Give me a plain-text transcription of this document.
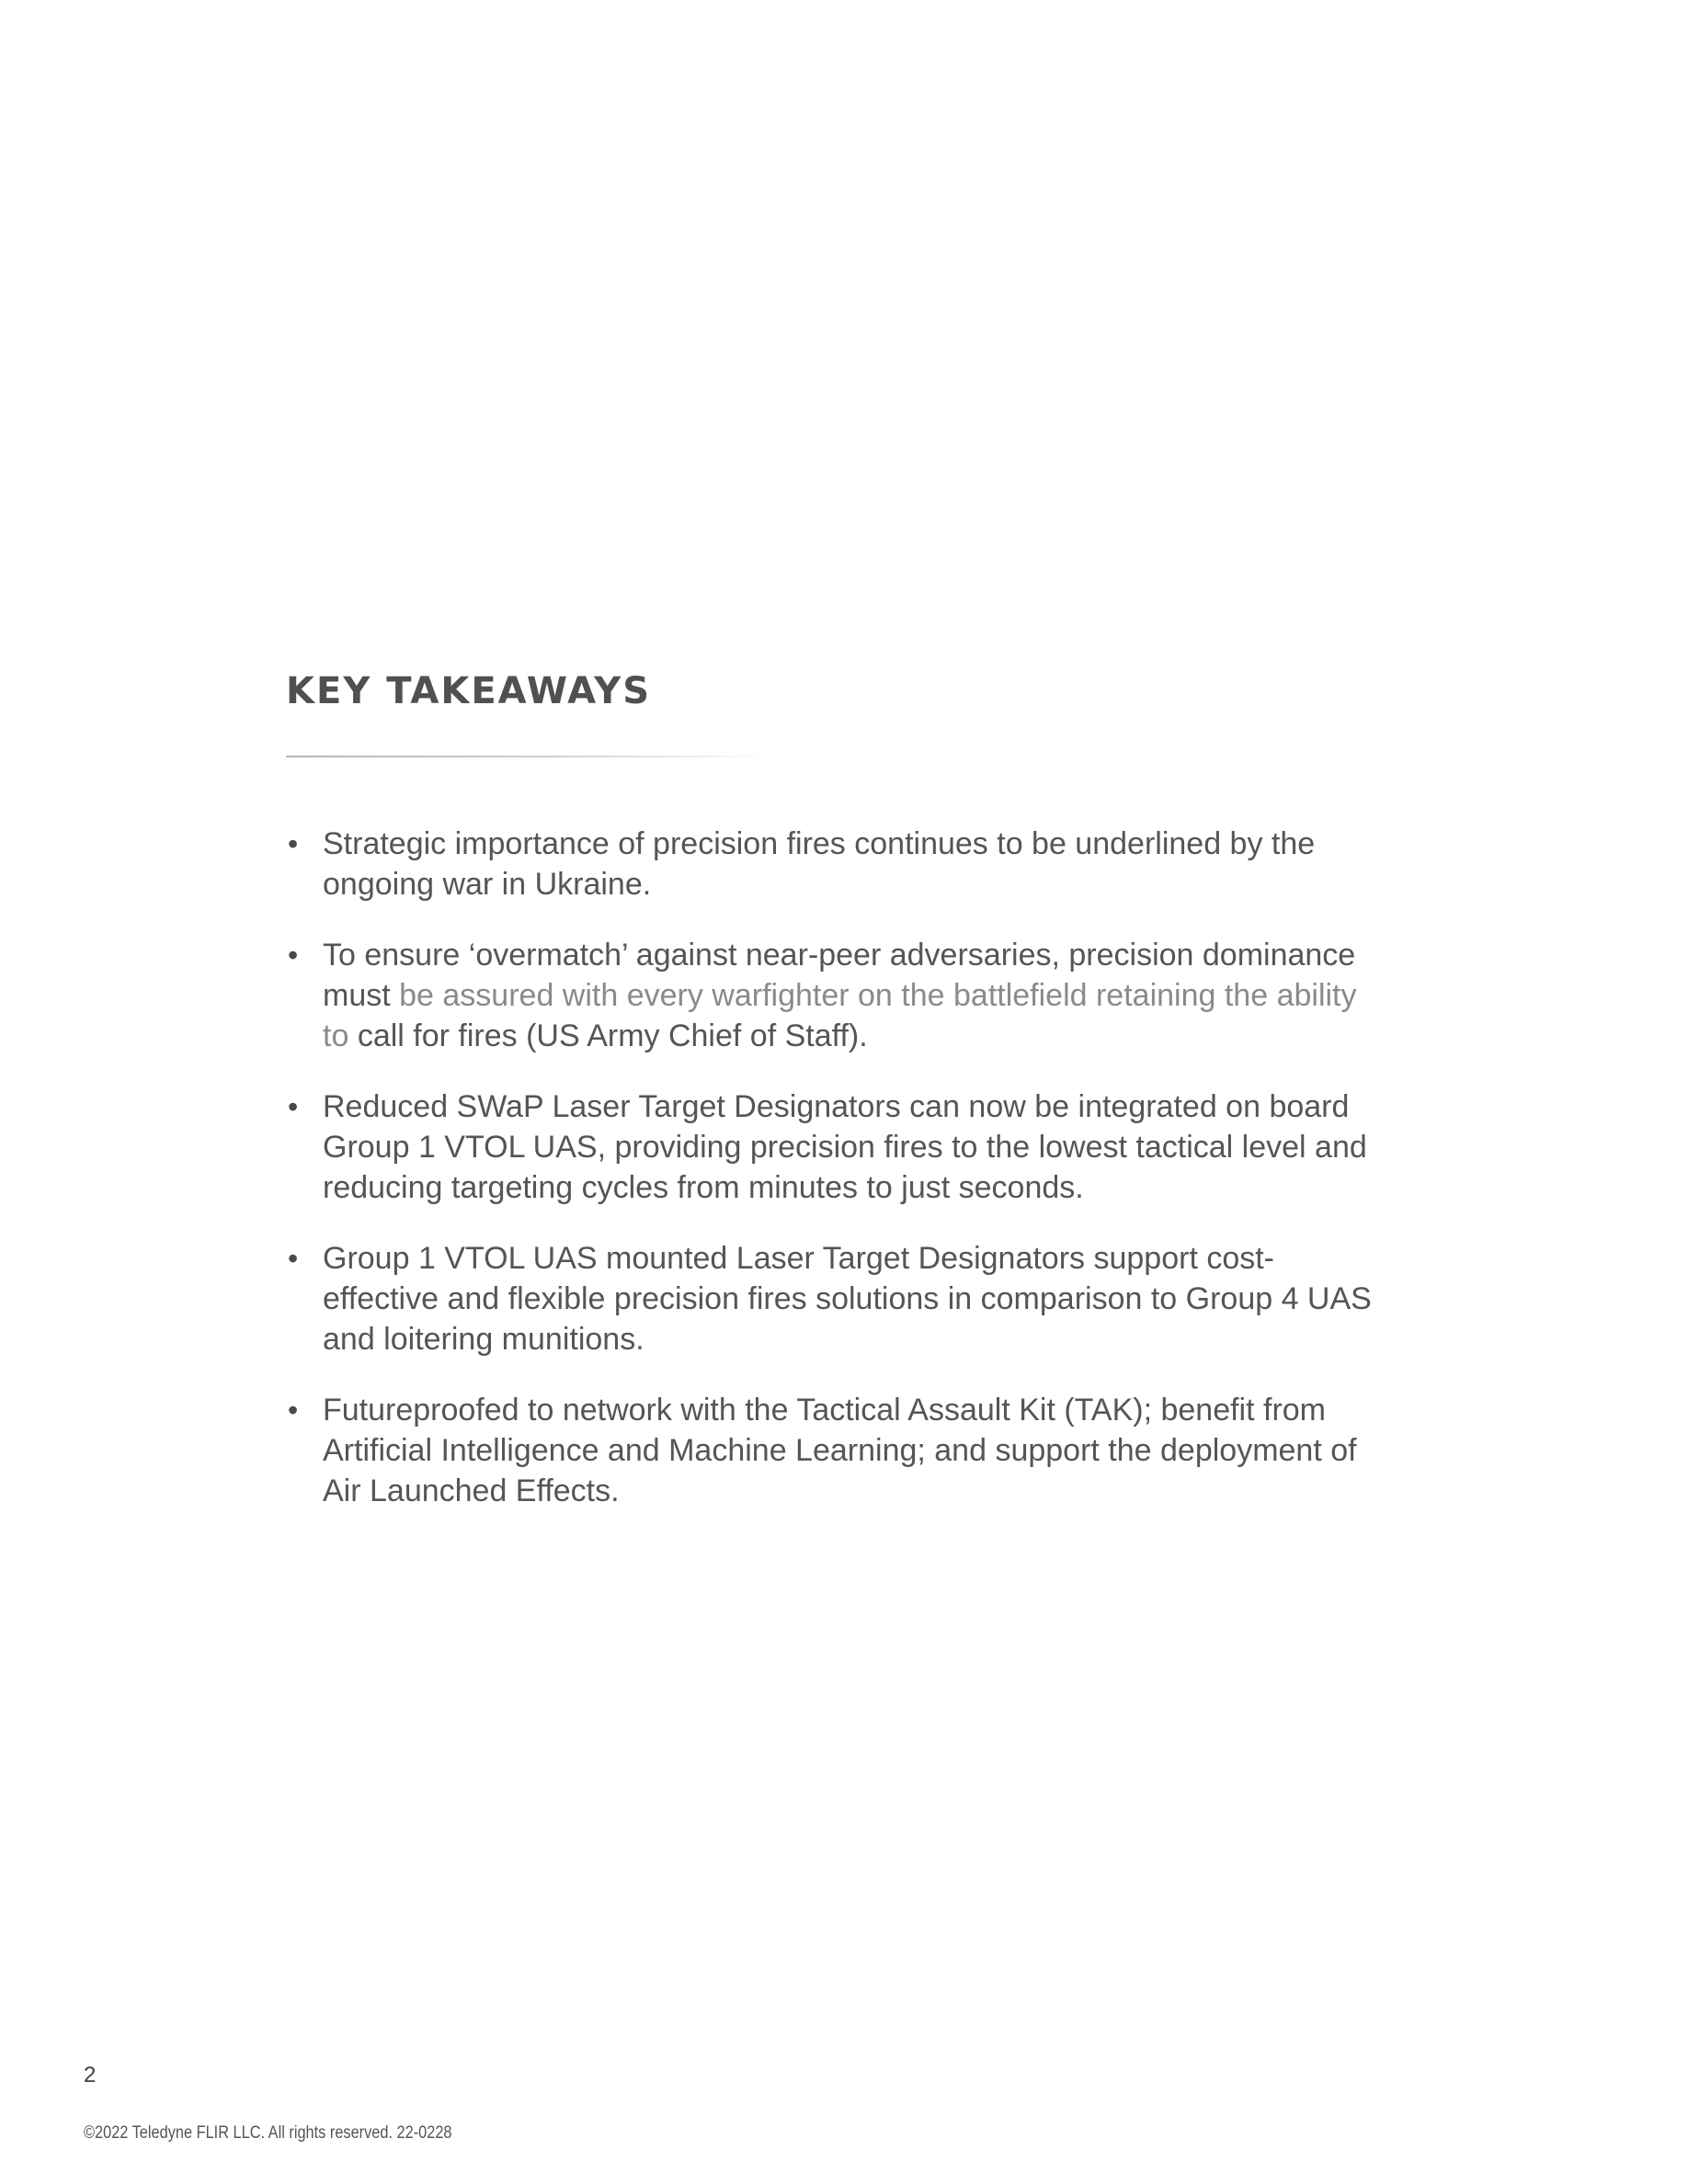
KEY TAKEAWAYS
• Strategic importance of precision fires continues to be underlined by the ongoing war in Ukraine.
• To ensure ‘overmatch’ against near-peer adversaries, precision dominance must be assured with every warfighter on the battlefield retaining the ability to call for fires (US Army Chief of Staff).
• Reduced SWaP Laser Target Designators can now be integrated on board Group 1 VTOL UAS, providing precision fires to the lowest tactical level and reducing targeting cycles from minutes to just seconds.
• Group 1 VTOL UAS mounted Laser Target Designators support cost-effective and flexible precision fires solutions in comparison to Group 4 UAS and loitering munitions.
• Futureproofed to network with the Tactical Assault Kit (TAK); benefit from Artificial Intelligence and Machine Learning; and support the deployment of Air Launched Effects.
2
©2022 Teledyne FLIR LLC. All rights reserved. 22-0228
